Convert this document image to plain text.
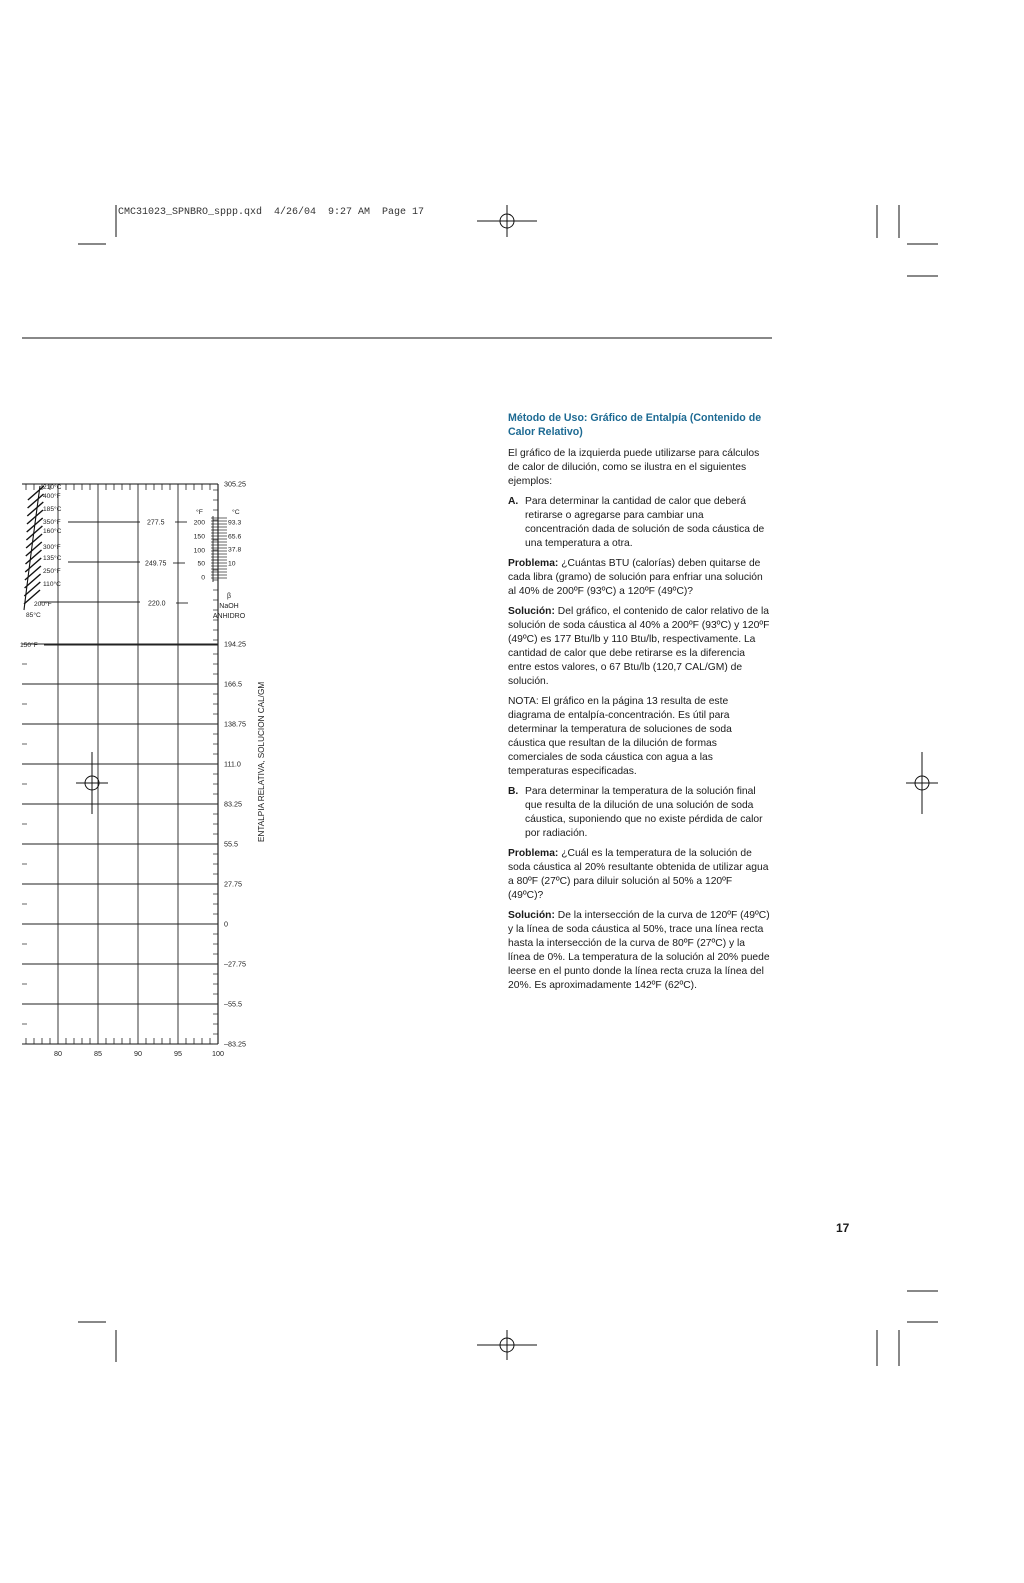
CMC31023_SPNBRO_sppp.qxd  4/26/04  9:27 AM  Page 17
80	85	90	95	100
305.25
194.25
166.5
138.75
111.0
83.25
55.5
27.75
0
–27.75
–55.5
–83.25
ENTALPIA RELATIVA, SOLUCION CAL/GM
210°C
400°F
185°C
350°F
160°C
300°F
135°C
250°F
110°C
200°F
85°C
150°F
277.5
249.75
220.0
°F	°C
200
150
100
50
0
93.3
65.6
37.8
10
β
NaOH
ANHIDRO
Método de Uso: Gráfico de Entalpía (Contenido de Calor Relativo)

El gráfico de la izquierda puede utilizarse para cálculos de calor de dilución, como se ilustra en el siguientes ejemplos:

A. Para determinar la cantidad de calor que deberá retirarse o agregarse para cambiar una concentración dada de solución de soda cáustica de una temperatura a otra.

Problema: ¿Cuántas BTU (calorías) deben quitarse de cada libra (gramo) de solución para enfriar una solución al 40% de 200ºF (93ºC) a 120ºF (49ºC)?

Solución: Del gráfico, el contenido de calor relativo de la solución de soda cáustica al 40% a 200ºF (93ºC) y 120ºF (49ºC) es 177 Btu/lb y 110 Btu/lb, respectivamente. La cantidad de calor que debe retirarse es la diferencia entre estos valores, o 67 Btu/lb (120,7 CAL/GM) de solución.

NOTA: El gráfico en la página 13 resulta de este diagrama de entalpía-concentración. Es útil para determinar la temperatura de soluciones de soda cáustica que resultan de la dilución de formas comerciales de soda cáustica con agua a las temperaturas especificadas.

B. Para determinar la temperatura de la solución final que resulta de la dilución de una solución de soda cáustica, suponiendo que no existe pérdida de calor por radiación.

Problema: ¿Cuál es la temperatura de la solución de soda cáustica al 20% resultante obtenida de utilizar agua a 80ºF (27ºC) para diluir solución al 50% a 120ºF (49ºC)?

Solución: De la intersección de la curva de 120ºF (49ºC) y la línea de soda cáustica al 50%, trace una línea recta hasta la intersección de la curva de 80ºF (27ºC) y la línea de 0%. La temperatura de la solución al 20% puede leerse en el punto donde la línea recta cruza la línea del 20%. Es aproximadamente 142ºF (62ºC).

17
